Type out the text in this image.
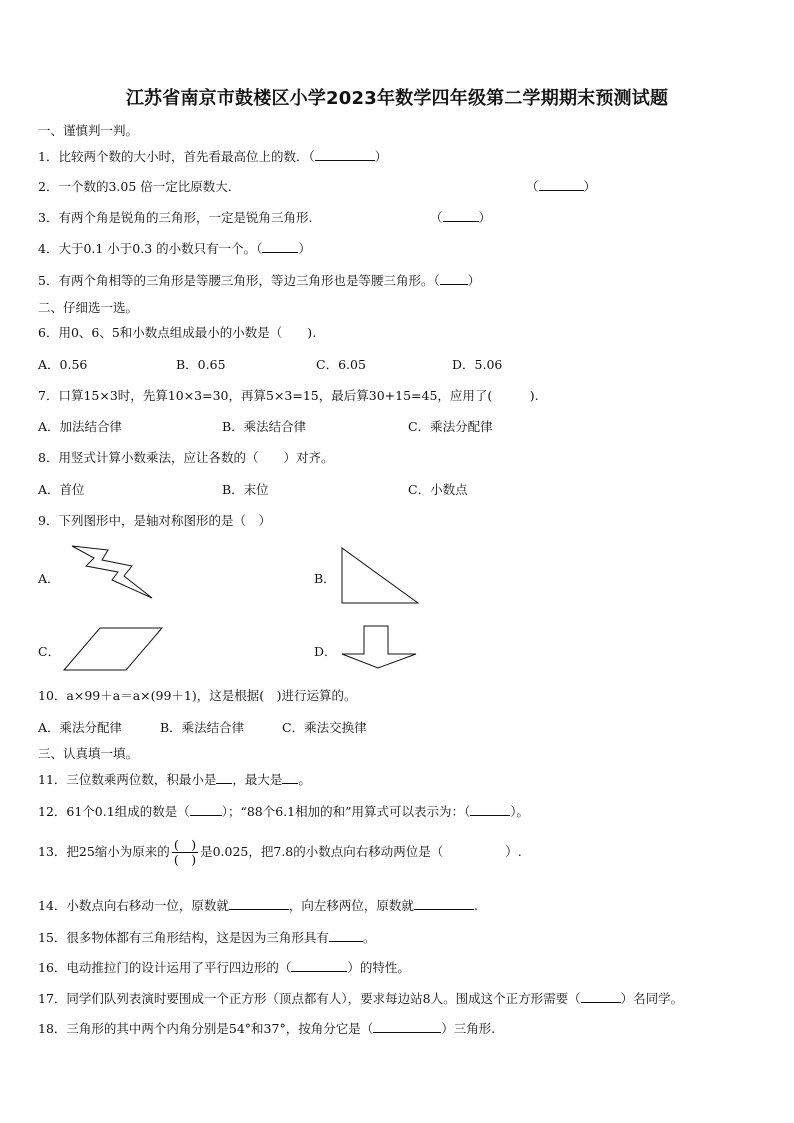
江苏省南京市鼓楼区小学2023年数学四年级第二学期期末预测试题
一、谨慎判一判。
1．比较两个数的大小时，首先看最高位上的数．（	）
2．一个数的3.05 倍一定比原数大.	（	）
3．有两个角是锐角的三角形，一定是锐角三角形.	（	）
4．大于0.1 小于0.3 的小数只有一个。（	）
5．有两个角相等的三角形是等腰三角形，等边三角形也是等腰三角形。（ ）
二、仔细选一选。
6．用0、6、5和小数点组成最小的小数是（　　).
A．0.56	B．0.65	C．6.05	D．5.06
7．口算15×3时，先算10×3=30，再算5×3=15，最后算30+15=45，应用了(　　　).
A．加法结合律	B．乘法结合律	C．乘法分配律
8．用竖式计算小数乘法，应让各数的（　　）对齐。
A．首位	B．末位	C．小数点
9．下列图形中，是轴对称图形的是（　）
A．	B．
C．	D．
10．a×99＋a＝a×(99＋1)，这是根据(　)进行运算的。
A．乘法分配律	B．乘法结合律	C．乘法交换律
三、认真填一填。
11．三位数乘两位数，积最小是 ，最大是 。
12．61个0.1组成的数是（	）；“88个6.1相加的和”用算式可以表示为：（	）。
13．把25缩小为原来的 $\frac{( )}{( )}$ 是0.025，把7.8的小数点向右移动两位是（	）.
14．小数点向右移动一位，原数就	，向左移两位，原数就	.
15．很多物体都有三角形结构，这是因为三角形具有	。
16．电动推拉门的设计运用了平行四边形的（	）的特性。
17．同学们队列表演时要围成一个正方形（顶点都有人），要求每边站8人。围成这个正方形需要（	）名同学。
18．三角形的其中两个内角分别是54°和37°，按角分它是（	）三角形.
